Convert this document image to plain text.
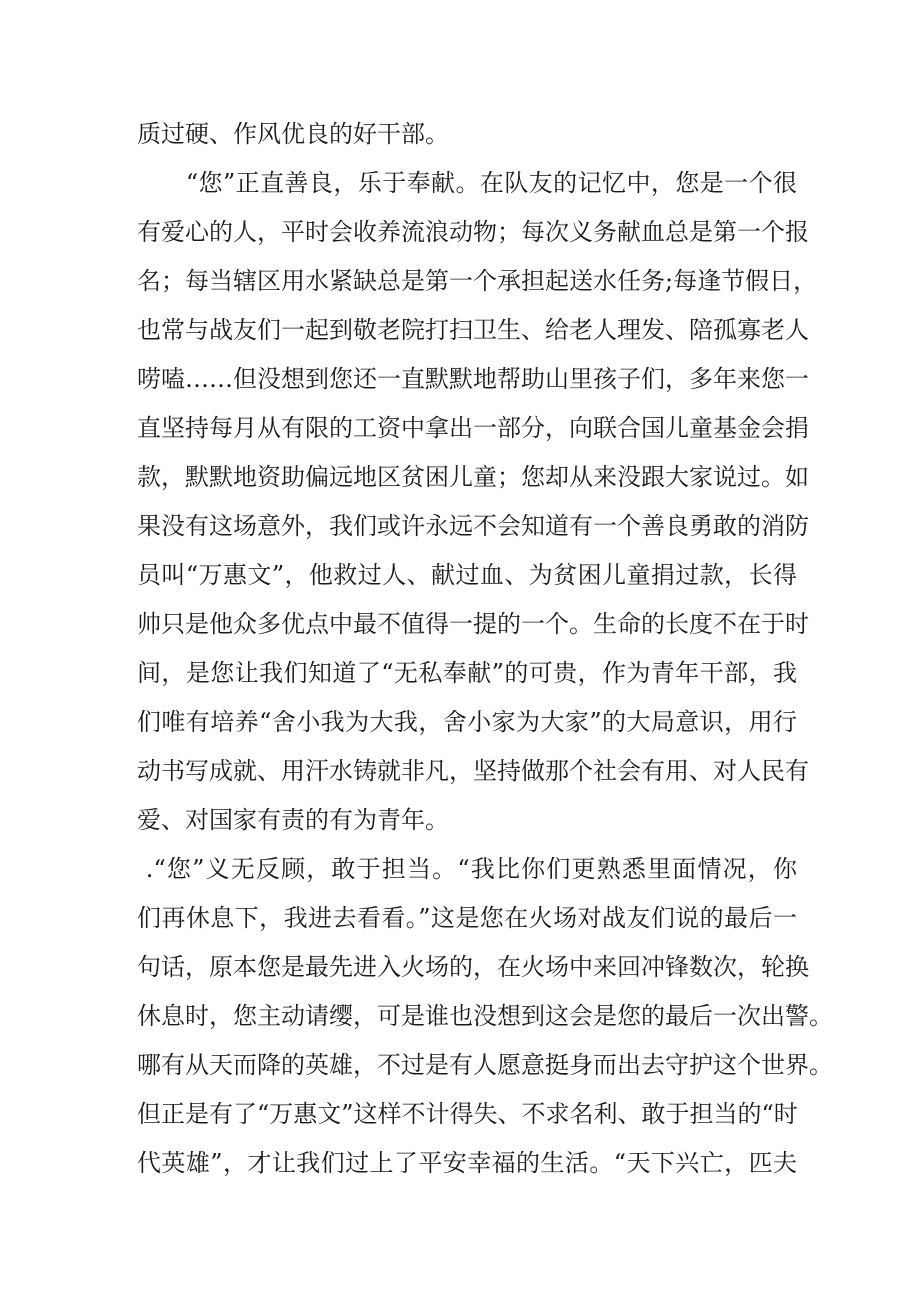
质过硬、作风优良的好干部。
　　“您”正直善良，乐于奉献。在队友的记忆中，您是一个很
有爱心的人，平时会收养流浪动物；每次义务献血总是第一个报
名；每当辖区用水紧缺总是第一个承担起送水任务;每逢节假日，
也常与战友们一起到敬老院打扫卫生、给老人理发、陪孤寡老人
唠嗑……但没想到您还一直默默地帮助山里孩子们，多年来您一
直坚持每月从有限的工资中拿出一部分，向联合国儿童基金会捐
款，默默地资助偏远地区贫困儿童；您却从来没跟大家说过。如
果没有这场意外，我们或许永远不会知道有一个善良勇敢的消防
员叫“万惠文”，他救过人、献过血、为贫困儿童捐过款，长得
帅只是他众多优点中最不值得一提的一个。生命的长度不在于时
间，是您让我们知道了“无私奉献”的可贵，作为青年干部，我
们唯有培养“舍小我为大我，舍小家为大家”的大局意识，用行
动书写成就、用汗水铸就非凡，坚持做那个社会有用、对人民有
爱、对国家有责的有为青年。
.“您”义无反顾，敢于担当。“我比你们更熟悉里面情况，你
们再休息下，我进去看看。”这是您在火场对战友们说的最后一
句话，原本您是最先进入火场的，在火场中来回冲锋数次，轮换
休息时，您主动请缨，可是谁也没想到这会是您的最后一次出警。
哪有从天而降的英雄，不过是有人愿意挺身而出去守护这个世界。
但正是有了“万惠文”这样不计得失、不求名利、敢于担当的“时
代英雄”，才让我们过上了平安幸福的生活。“天下兴亡，匹夫
